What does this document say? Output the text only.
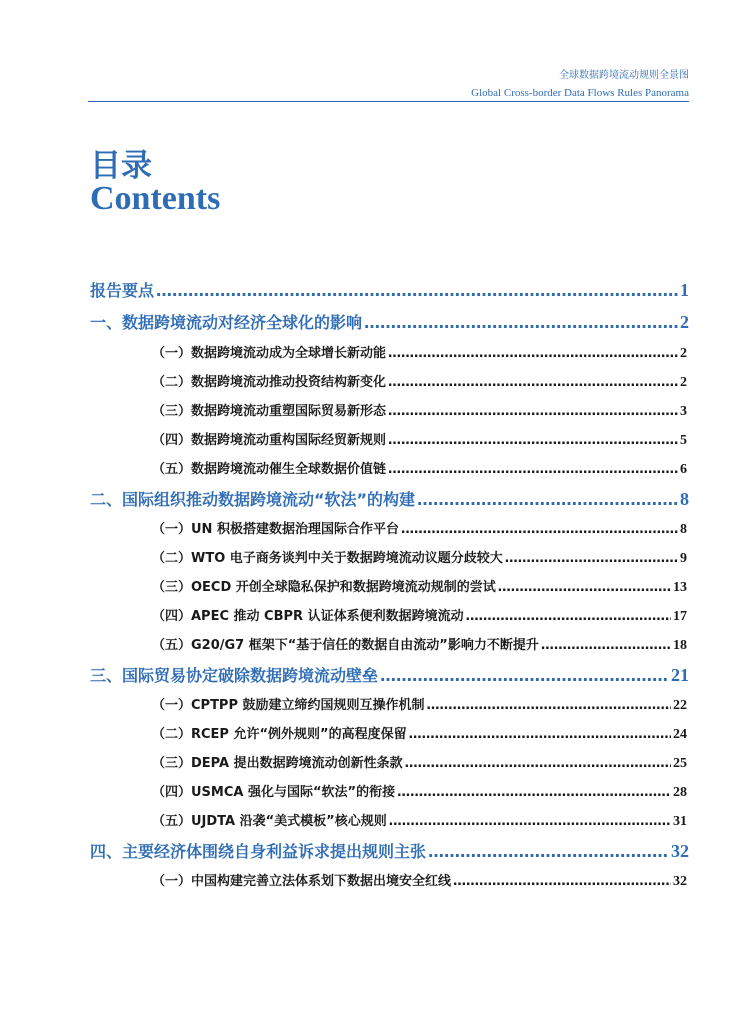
全球数据跨境流动规则全景图
Global Cross-border Data Flows Rules Panorama
目录
Contents
报告要点 …………………………………………………………………………………………………………………………………………………………………………………………………………	1
一、数据跨境流动对经济全球化的影响 …………………………………………………………………………………………………………………………………………………………………………………………………………	2
（一）数据跨境流动成为全球增长新动能 …………………………………………………………………………………………………………………………………………………………………………………………………………	2
（二）数据跨境流动推动投资结构新变化 …………………………………………………………………………………………………………………………………………………………………………………………………………	2
（三）数据跨境流动重塑国际贸易新形态 …………………………………………………………………………………………………………………………………………………………………………………………………………	3
（四）数据跨境流动重构国际经贸新规则 …………………………………………………………………………………………………………………………………………………………………………………………………………	5
（五）数据跨境流动催生全球数据价值链 …………………………………………………………………………………………………………………………………………………………………………………………………………	6
二、国际组织推动数据跨境流动“软法”的构建 …………………………………………………………………………………………………………………………………………………………………………………………………………	8
（一）UN 积极搭建数据治理国际合作平台 …………………………………………………………………………………………………………………………………………………………………………………………………………	8
（二）WTO 电子商务谈判中关于数据跨境流动议题分歧较大 …………………………………………………………………………………………………………………………………………………………………………………………………………	9
（三）OECD 开创全球隐私保护和数据跨境流动规制的尝试 …………………………………………………………………………………………………………………………………………………………………………………………………………	13
（四）APEC 推动 CBPR 认证体系便利数据跨境流动 …………………………………………………………………………………………………………………………………………………………………………………………………………	17
（五）G20/G7 框架下“基于信任的数据自由流动”影响力不断提升 …………………………………………………………………………………………………………………………………………………………………………………………………………	18
三、国际贸易协定破除数据跨境流动壁垒 …………………………………………………………………………………………………………………………………………………………………………………………………………	21
（一）CPTPP 鼓励建立缔约国规则互操作机制 …………………………………………………………………………………………………………………………………………………………………………………………………………	22
（二）RCEP 允许“例外规则”的高程度保留 …………………………………………………………………………………………………………………………………………………………………………………………………………	24
（三）DEPA 提出数据跨境流动创新性条款 …………………………………………………………………………………………………………………………………………………………………………………………………………	25
（四）USMCA 强化与国际“软法”的衔接 …………………………………………………………………………………………………………………………………………………………………………………………………………	28
（五）UJDTA 沿袭“美式模板”核心规则 …………………………………………………………………………………………………………………………………………………………………………………………………………	31
四、主要经济体围绕自身利益诉求提出规则主张 …………………………………………………………………………………………………………………………………………………………………………………………………………	32
（一）中国构建完善立法体系划下数据出境安全红线 …………………………………………………………………………………………………………………………………………………………………………………………………………	32
